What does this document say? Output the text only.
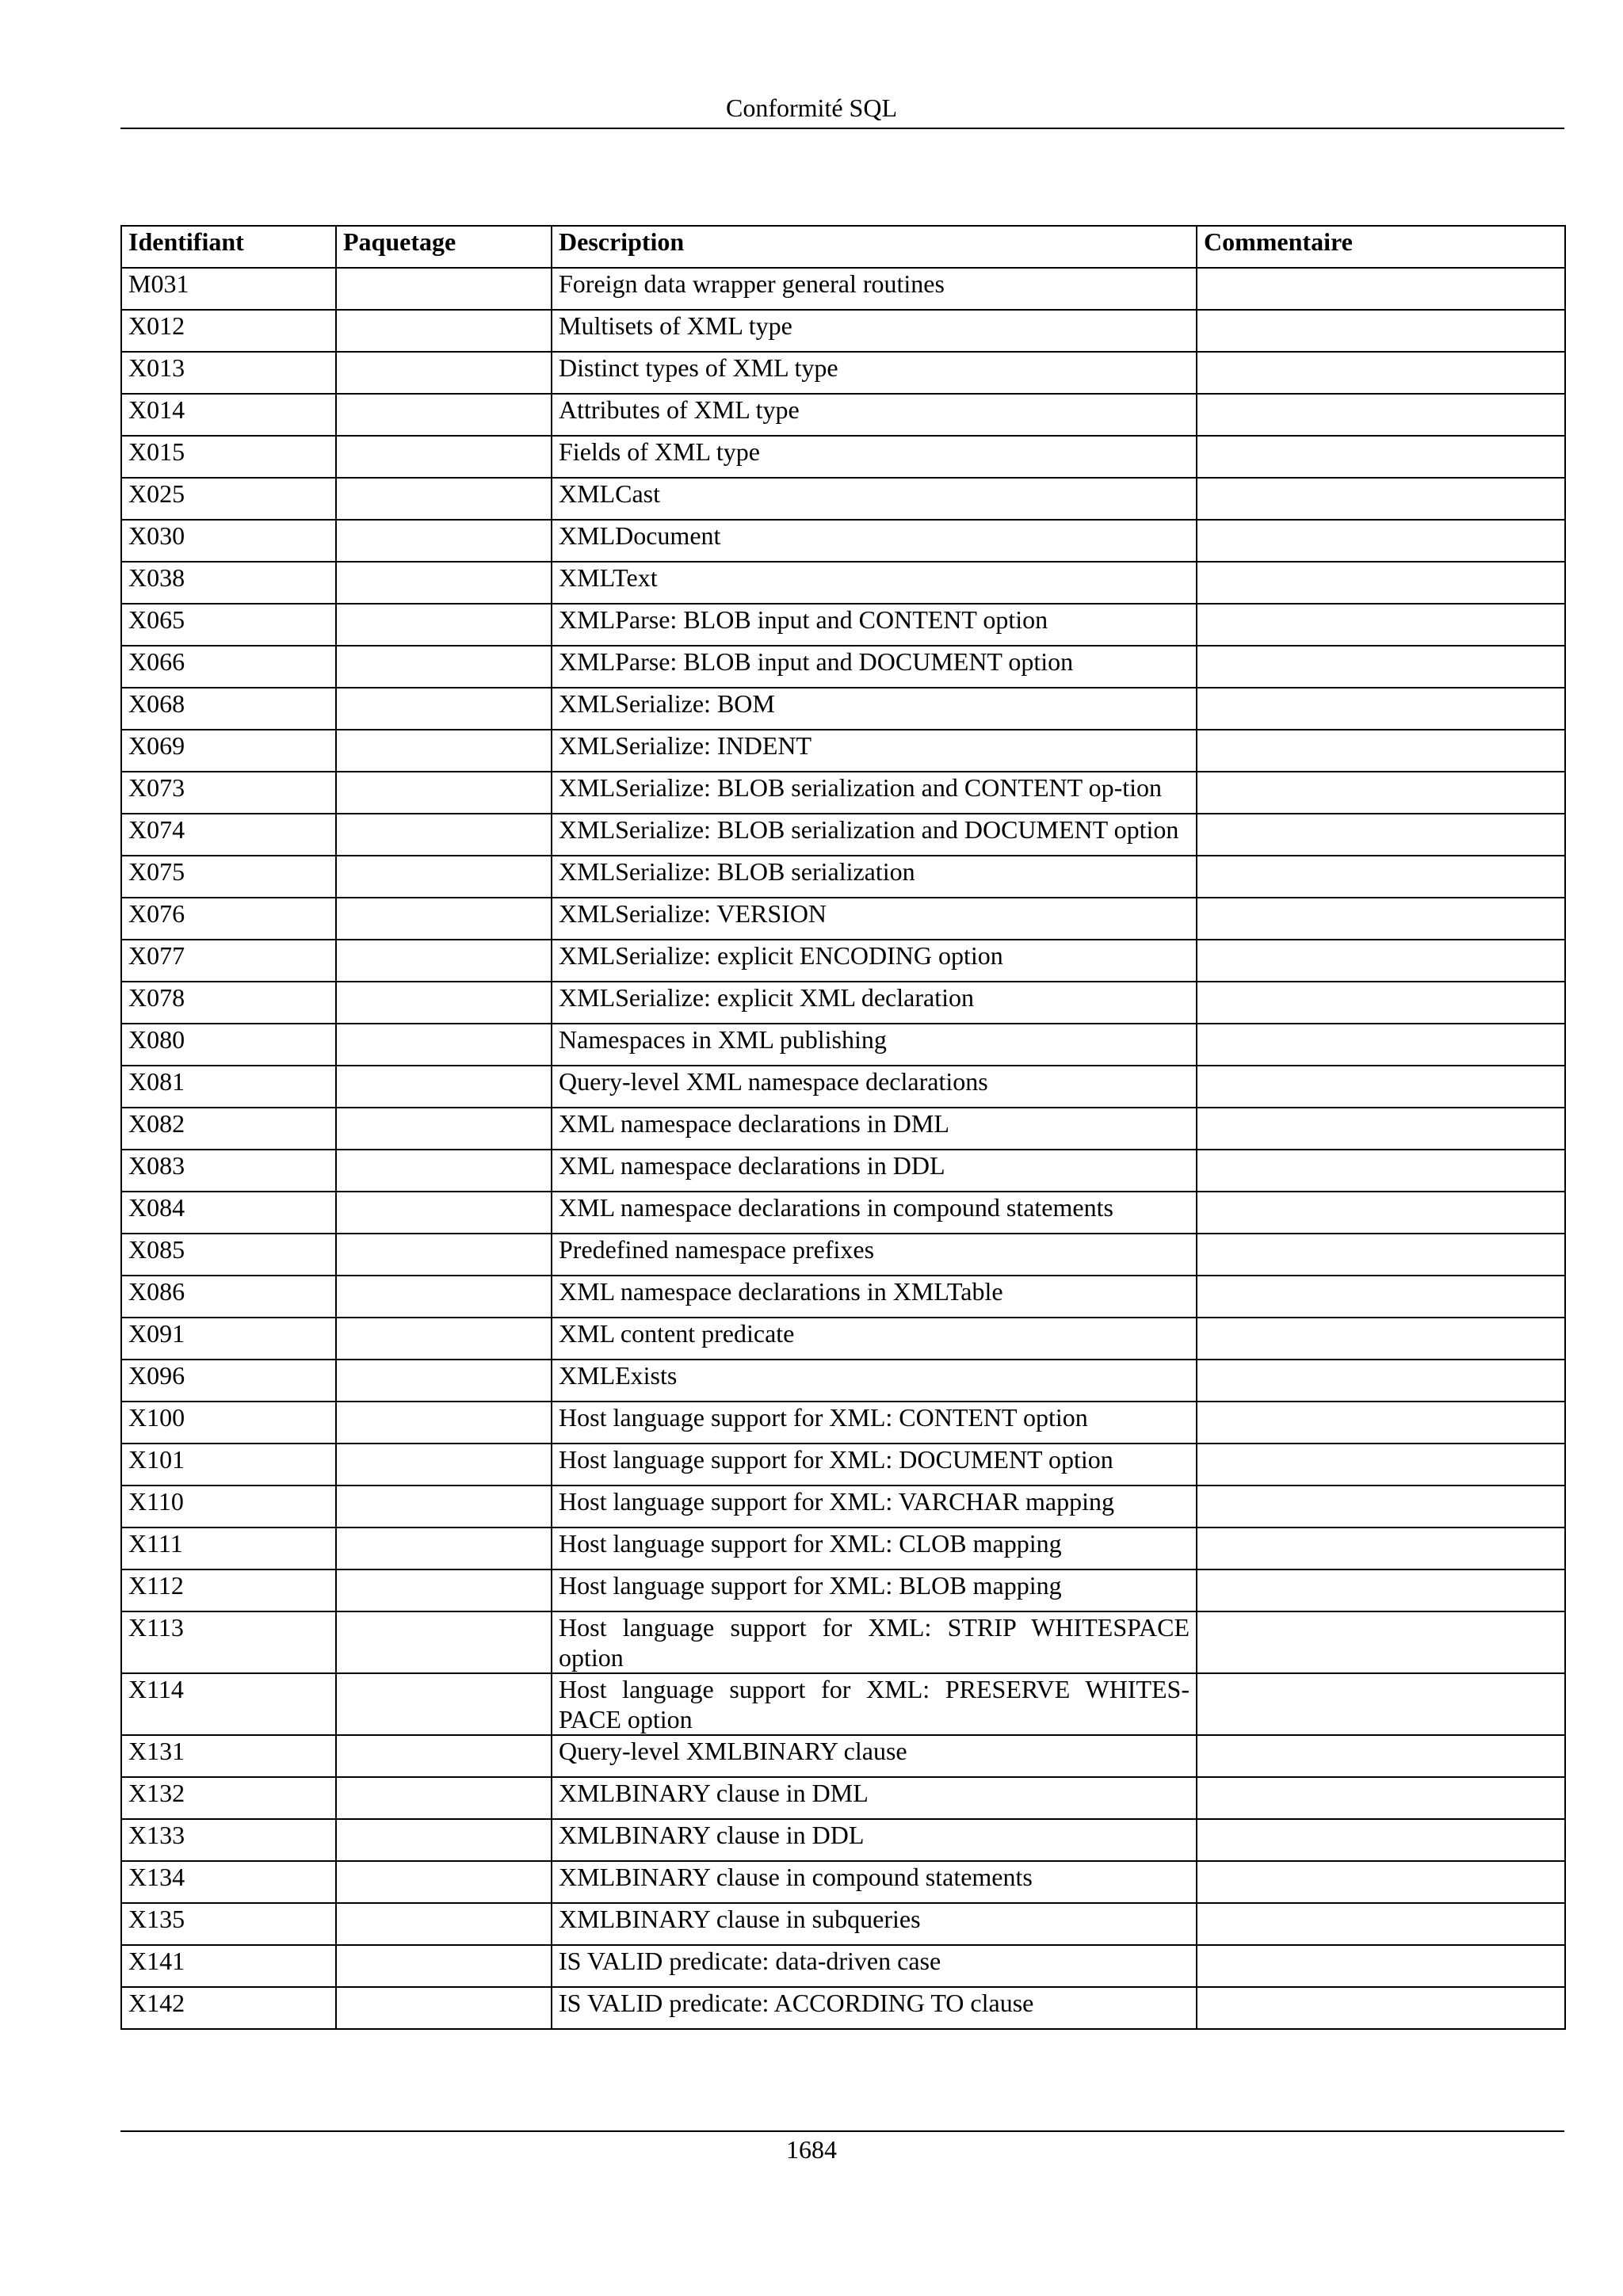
Conformité SQL
Identifiant	Paquetage	Description	Commentaire
M031		Foreign data wrapper general routines	
X012		Multisets of XML type	
X013		Distinct types of XML type	
X014		Attributes of XML type	
X015		Fields of XML type	
X025		XMLCast	
X030		XMLDocument	
X038		XMLText	
X065		XMLParse: BLOB input and CONTENT option	
X066		XMLParse: BLOB input and DOCUMENT option	
X068		XMLSerialize: BOM	
X069		XMLSerialize: INDENT	
X073		XMLSerialize: BLOB serialization and CONTENT op-tion	
X074		XMLSerialize: BLOB serialization and DOCUMENT option	
X075		XMLSerialize: BLOB serialization	
X076		XMLSerialize: VERSION	
X077		XMLSerialize: explicit ENCODING option	
X078		XMLSerialize: explicit XML declaration	
X080		Namespaces in XML publishing	
X081		Query-level XML namespace declarations	
X082		XML namespace declarations in DML	
X083		XML namespace declarations in DDL	
X084		XML namespace declarations in compound statements	
X085		Predefined namespace prefixes	
X086		XML namespace declarations in XMLTable	
X091		XML content predicate	
X096		XMLExists	
X100		Host language support for XML: CONTENT option	
X101		Host language support for XML: DOCUMENT option	
X110		Host language support for XML: VARCHAR mapping	
X111		Host language support for XML: CLOB mapping	
X112		Host language support for XML: BLOB mapping	
X113		Host language support for XML: STRIP WHITESPACE option	
X114		Host language support for XML: PRESERVE WHITES-PACE option	
X131		Query-level XMLBINARY clause	
X132		XMLBINARY clause in DML	
X133		XMLBINARY clause in DDL	
X134		XMLBINARY clause in compound statements	
X135		XMLBINARY clause in subqueries	
X141		IS VALID predicate: data-driven case	
X142		IS VALID predicate: ACCORDING TO clause	
1684
